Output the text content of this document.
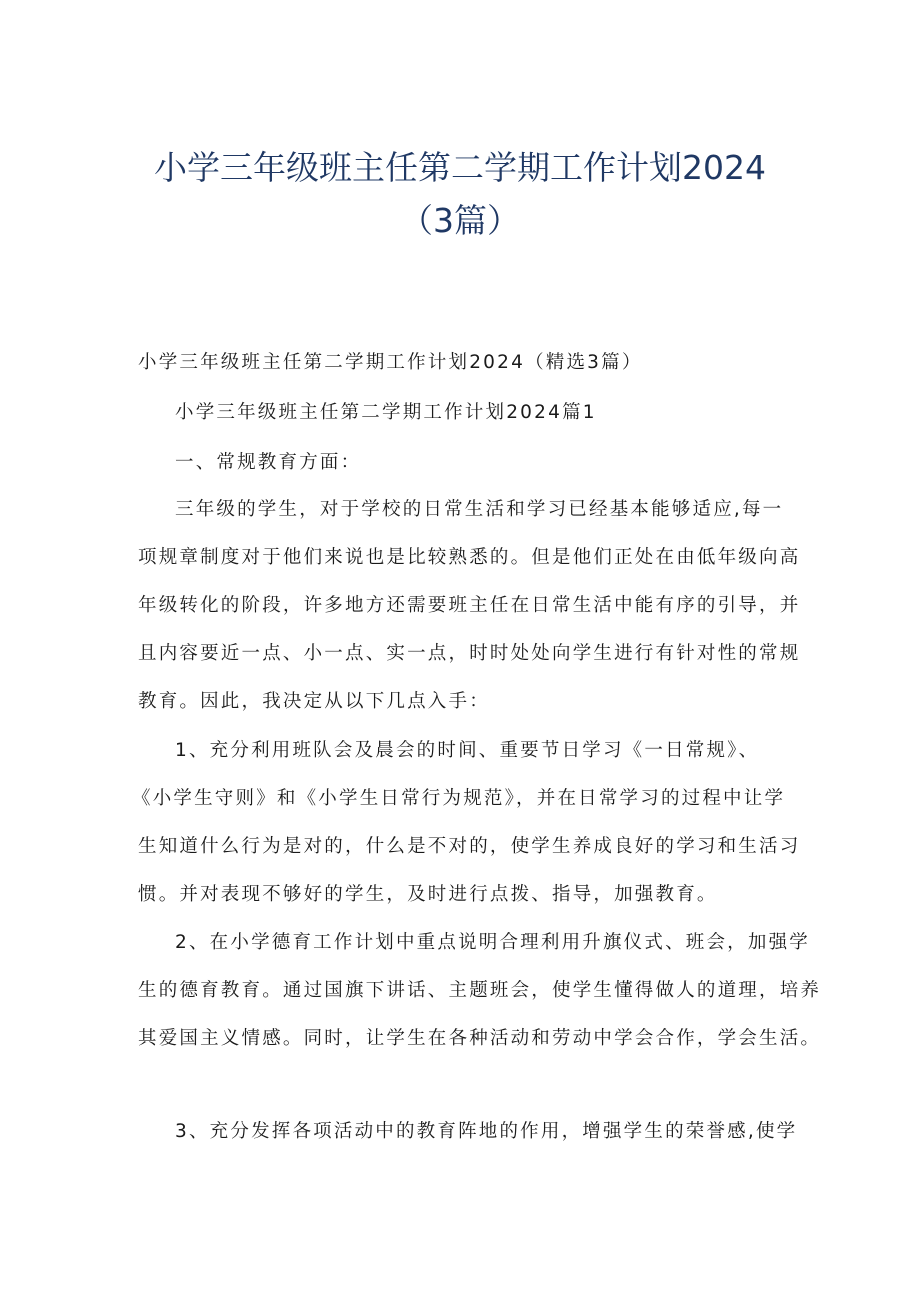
小学三年级班主任第二学期工作计划2024
（3篇）
小学三年级班主任第二学期工作计划2024（精选3篇）
小学三年级班主任第二学期工作计划2024篇1
一、常规教育方面：
三年级的学生，对于学校的日常生活和学习已经基本能够适应,每一
项规章制度对于他们来说也是比较熟悉的。但是他们正处在由低年级向高
年级转化的阶段，许多地方还需要班主任在日常生活中能有序的引导，并
且内容要近一点、小一点、实一点，时时处处向学生进行有针对性的常规
教育。因此，我决定从以下几点入手：
1、充分利用班队会及晨会的时间、重要节日学习《一日常规》、
《小学生守则》和《小学生日常行为规范》，并在日常学习的过程中让学
生知道什么行为是对的，什么是不对的，使学生养成良好的学习和生活习
惯。并对表现不够好的学生，及时进行点拨、指导，加强教育。
2、在小学德育工作计划中重点说明合理利用升旗仪式、班会，加强学
生的德育教育。通过国旗下讲话、主题班会，使学生懂得做人的道理，培养
其爱国主义情感。同时，让学生在各种活动和劳动中学会合作，学会生活。
3、充分发挥各项活动中的教育阵地的作用，增强学生的荣誉感,使学
